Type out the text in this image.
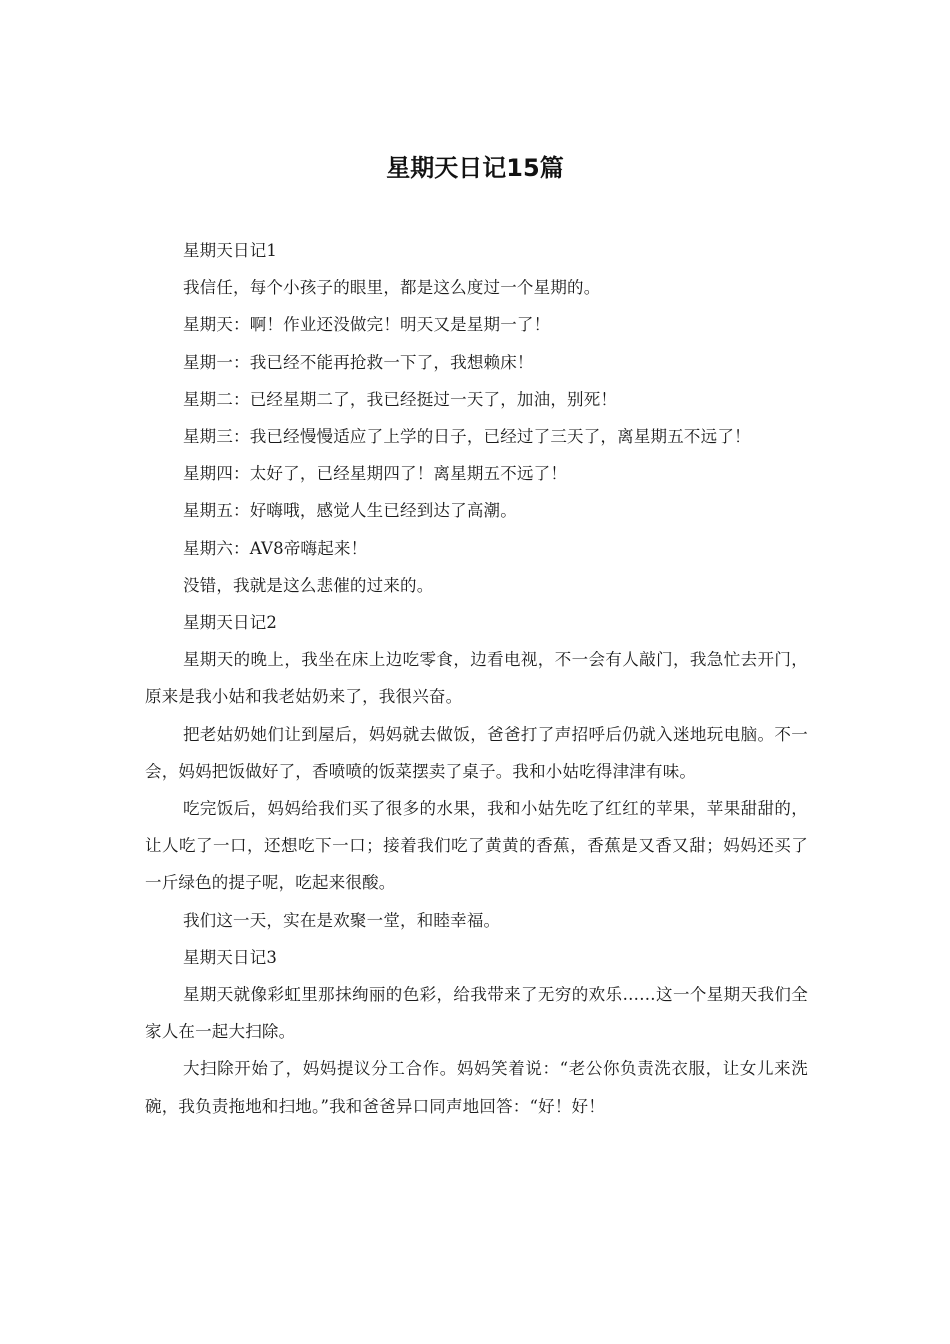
星期天日记15篇

星期天日记1

我信任，每个小孩子的眼里，都是这么度过一个星期的。

星期天：啊！作业还没做完！明天又是星期一了！

星期一：我已经不能再抢救一下了，我想赖床！

星期二：已经星期二了，我已经挺过一天了，加油，别死！

星期三：我已经慢慢适应了上学的日子，已经过了三天了，离星期五不远了！

星期四：太好了，已经星期四了！离星期五不远了！

星期五：好嗨哦，感觉人生已经到达了高潮。

星期六：AV8帝嗨起来！

没错，我就是这么悲催的过来的。

星期天日记2

星期天的晚上，我坐在床上边吃零食，边看电视，不一会有人敲门，我急忙去开门，原来是我小姑和我老姑奶来了，我很兴奋。

把老姑奶她们让到屋后，妈妈就去做饭，爸爸打了声招呼后仍就入迷地玩电脑。不一会，妈妈把饭做好了，香喷喷的饭菜摆卖了桌子。我和小姑吃得津津有味。

吃完饭后，妈妈给我们买了很多的水果，我和小姑先吃了红红的苹果，苹果甜甜的，让人吃了一口，还想吃下一口；接着我们吃了黄黄的香蕉，香蕉是又香又甜；妈妈还买了一斤绿色的提子呢，吃起来很酸。

我们这一天，实在是欢聚一堂，和睦幸福。

星期天日记3

星期天就像彩虹里那抹绚丽的色彩，给我带来了无穷的欢乐……这一个星期天我们全家人在一起大扫除。

大扫除开始了，妈妈提议分工合作。妈妈笑着说：“老公你负责洗衣服，让女儿来洗碗，我负责拖地和扫地。”我和爸爸异口同声地回答：“好！好！
